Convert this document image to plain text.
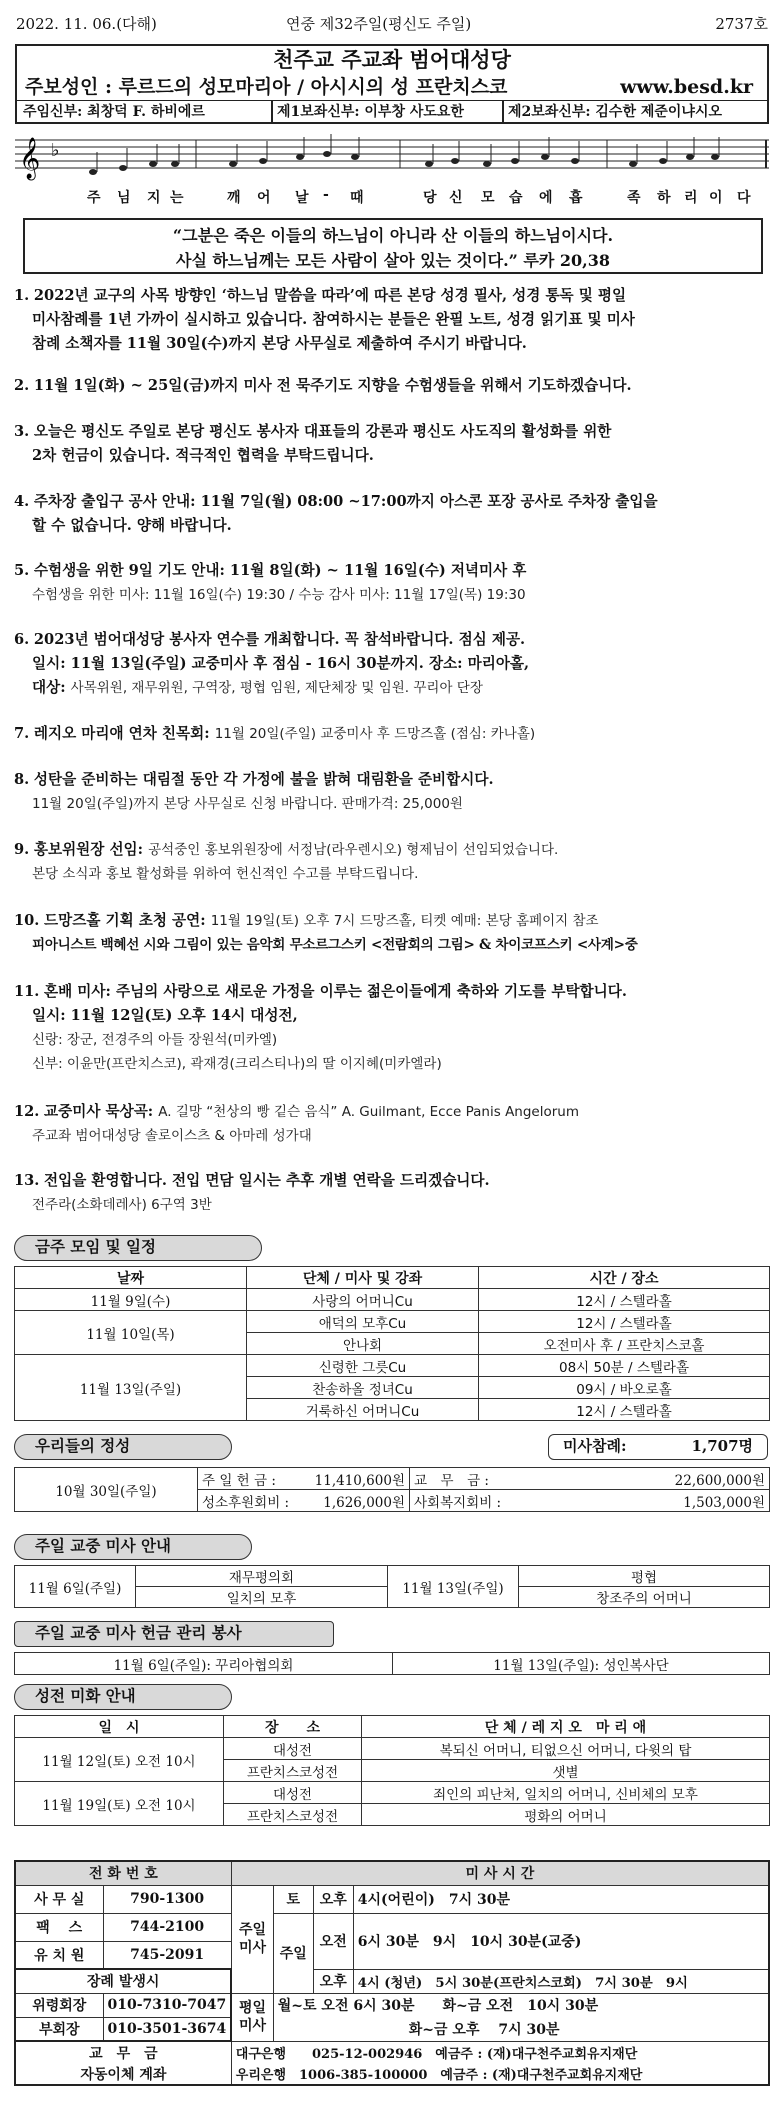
2022. 11. 06.(다해)	연중 제32주일(평신도 주일)	2737호
천주교 주교좌 범어대성당
주보성인 : 루르드의 성모마리아 / 아시시의 성 프란치스코	www.besd.kr
주임신부: 최창덕 F. 하비에르	제1보좌신부: 이부창 사도요한	제2보좌신부: 김수한 제준이냐시오
𝄞 ♭
주 님 지 는	깨 어 날 - 때	당 신 모 습 에 흡	족 하 리 이 다
“그분은 죽은 이들의 하느님이 아니라 산 이들의 하느님이시다.
사실 하느님께는 모든 사람이 살아 있는 것이다.” 루카 20,38
1. 2022년 교구의 사목 방향인 ‘하느님 말씀을 따라’에 따른 본당 성경 필사, 성경 통독 및 평일
미사참례를 1년 가까이 실시하고 있습니다. 참여하시는 분들은 완필 노트, 성경 읽기표 및 미사
참례 소책자를 11월 30일(수)까지 본당 사무실로 제출하여 주시기 바랍니다.
2. 11월 1일(화) ~ 25일(금)까지 미사 전 묵주기도 지향을 수험생들을 위해서 기도하겠습니다.
3. 오늘은 평신도 주일로 본당 평신도 봉사자 대표들의 강론과 평신도 사도직의 활성화를 위한
2차 헌금이 있습니다. 적극적인 협력을 부탁드립니다.
4. 주차장 출입구 공사 안내: 11월 7일(월) 08:00 ~17:00까지 아스콘 포장 공사로 주차장 출입을
할 수 없습니다. 양해 바랍니다.
5. 수험생을 위한 9일 기도 안내: 11월 8일(화) ~ 11월 16일(수) 저녁미사 후
수험생을 위한 미사: 11월 16일(수) 19:30 / 수능 감사 미사: 11월 17일(목) 19:30
6. 2023년 범어대성당 봉사자 연수를 개최합니다. 꼭 참석바랍니다. 점심 제공.
일시: 11월 13일(주일) 교중미사 후 점심 - 16시 30분까지. 장소: 마리아홀,
대상: 사목위원, 재무위원, 구역장, 평협 임원, 제단체장 및 임원. 꾸리아 단장
7. 레지오 마리애 연차 친목회: 11월 20일(주일) 교중미사 후 드망즈홀 (점심: 카나홀)
8. 성탄을 준비하는 대림절 동안 각 가정에 불을 밝혀 대림환을 준비합시다.
11월 20일(주일)까지 본당 사무실로 신청 바랍니다. 판매가격: 25,000원
9. 홍보위원장 선임: 공석중인 홍보위원장에 서정남(라우렌시오) 형제님이 선임되었습니다.
본당 소식과 홍보 활성화를 위하여 헌신적인 수고를 부탁드립니다.
10. 드망즈홀 기획 초청 공연: 11월 19일(토) 오후 7시 드망즈홀, 티켓 예매: 본당 홈페이지 참조
피아니스트 백혜선 시와 그림이 있는 음악회 무소르그스키 <전람회의 그림> & 차이코프스키 <사계>중
11. 혼배 미사: 주님의 사랑으로 새로운 가정을 이루는 젊은이들에게 축하와 기도를 부탁합니다.
일시: 11월 12일(토) 오후 14시 대성전,
신랑: 장군, 전경주의 아들 장원석(미카엘)
신부: 이윤만(프란치스코), 곽재경(크리스티나)의 딸 이지혜(미카엘라)
12. 교중미사 묵상곡: A. 길망 “천상의 빵 깉슨 음식” A. Guilmant, Ecce Panis Angelorum
주교좌 범어대성당 솔로이스츠 & 아마레 성가대
13. 전입을 환영합니다. 전입 면담 일시는 추후 개별 연락을 드리겠습니다.
전주라(소화데레사) 6구역 3반
금주 모임 및 일정
날짜	단체 / 미사 및 강좌	시간 / 장소
11월 9일(수)	사랑의 어머니Cu	12시 / 스텔라홀
11월 10일(목)	애덕의 모후Cu	12시 / 스텔라홀
	안나회	오전미사 후 / 프란치스코홀
11월 13일(주일)	신령한 그릇Cu	08시 50분 / 스텔라홀
	찬송하올 정녀Cu	09시 / 바오로홀
	거룩하신 어머니Cu	12시 / 스텔라홀
우리들의 정성	미사참례:	1,707명
10월 30일(주일)	주 일 헌 금 :	11,410,600원	교　무　금 :	22,600,000원
	성소후원회비 :	1,626,000원	사회복지회비 :	1,503,000원
주일 교중 미사 안내
11월 6일(주일)	재무평의회	11월 13일(주일)	평협
	일치의 모후		창조주의 어머니
주일 교중 미사 헌금 관리 봉사
11월 6일(주일): 꾸리아협의회	11월 13일(주일): 성인복사단
성전 미화 안내
일　시	장　　소	단 체 / 레 지 오　마 리 애
11월 12일(토) 오전 10시	대성전	복되신 어머니, 티없으신 어머니, 다윗의 탑
	프란치스코성전	샛별
11월 19일(토) 오전 10시	대성전	죄인의 피난처, 일치의 어머니, 신비체의 모후
	프란치스코성전	평화의 어머니
전 화 번 호		미 사 시 간			
사 무 실	790-1300	주일 미사	토	오후	4시(어린이)　7시 30분
팩　 스	744-2100		주일	오전	6시 30분　9시　10시 30분(교중)
유 치 원	745-2091				
장례 발생시				오후	4시 (청년)　5시 30분(프란치스코회)　7시 30분　9시
위령회장	010-7310-7047	평일 미사	월~토 오전 6시 30분　　화~금 오전　10시 30분		
부회장	010-3501-3674		화~금 오후　 7시 30분		
교　무　금		대구은행　　025-12-002946　예금주 : (재)대구천주교회유지재단			
자동이체 계좌		우리은행　1006-385-100000　예금주 : (재)대구천주교회유지재단			
